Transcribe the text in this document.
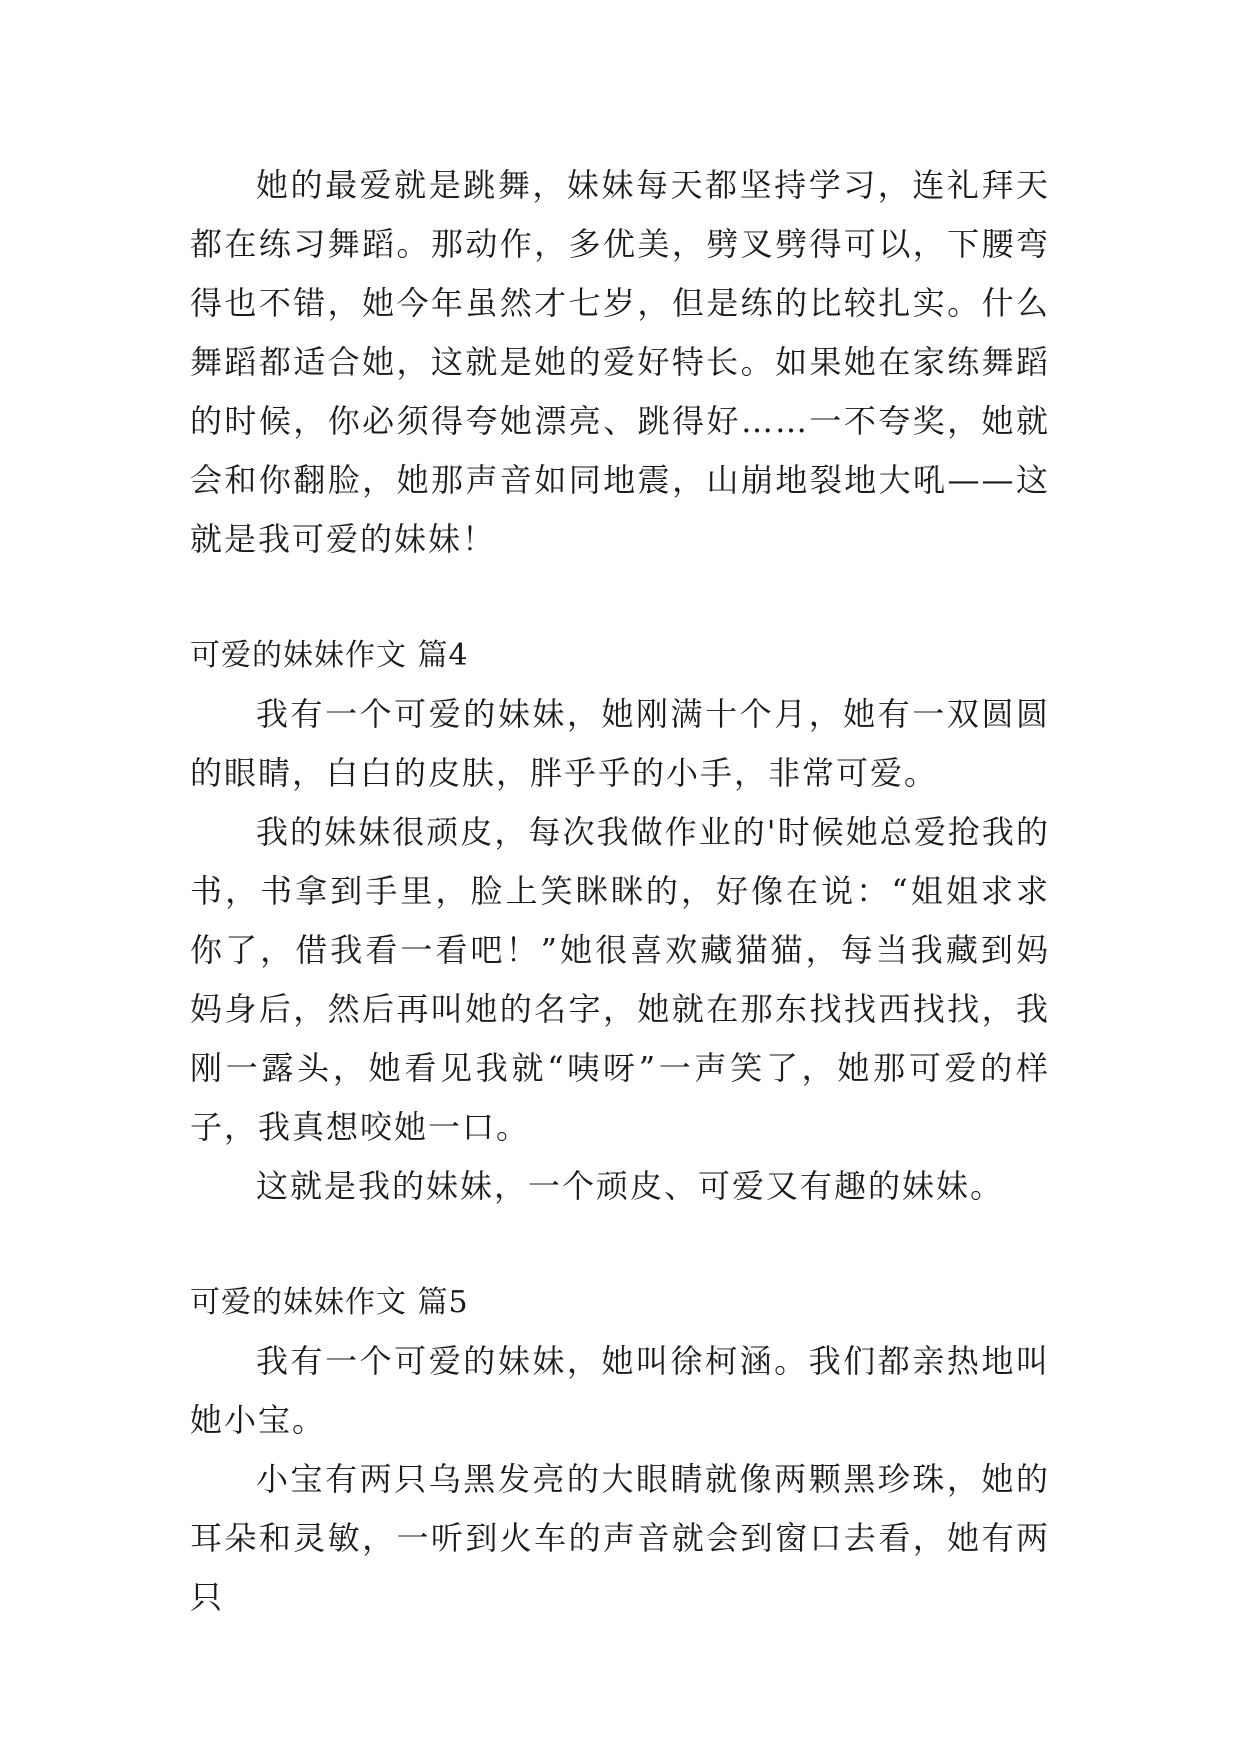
她的最爱就是跳舞，妹妹每天都坚持学习，连礼拜天都在练习舞蹈。那动作，多优美，劈叉劈得可以，下腰弯得也不错，她今年虽然才七岁，但是练的比较扎实。什么舞蹈都适合她，这就是她的爱好特长。如果她在家练舞蹈的时候，你必须得夸她漂亮、跳得好……一不夸奖，她就会和你翻脸，她那声音如同地震，山崩地裂地大吼——这就是我可爱的妹妹！

可爱的妹妹作文 篇4

我有一个可爱的妹妹，她刚满十个月，她有一双圆圆的眼睛，白白的皮肤，胖乎乎的小手，非常可爱。

我的妹妹很顽皮，每次我做作业的'时候她总爱抢我的书，书拿到手里，脸上笑眯眯的，好像在说：“姐姐求求你了，借我看一看吧！”她很喜欢藏猫猫，每当我藏到妈妈身后，然后再叫她的名字，她就在那东找找西找找，我刚一露头，她看见我就“咦呀”一声笑了，她那可爱的样子，我真想咬她一口。

这就是我的妹妹，一个顽皮、可爱又有趣的妹妹。

可爱的妹妹作文 篇5

我有一个可爱的妹妹，她叫徐柯涵。我们都亲热地叫她小宝。

小宝有两只乌黑发亮的大眼睛就像两颗黑珍珠，她的耳朵和灵敏，一听到火车的声音就会到窗口去看，她有两只
